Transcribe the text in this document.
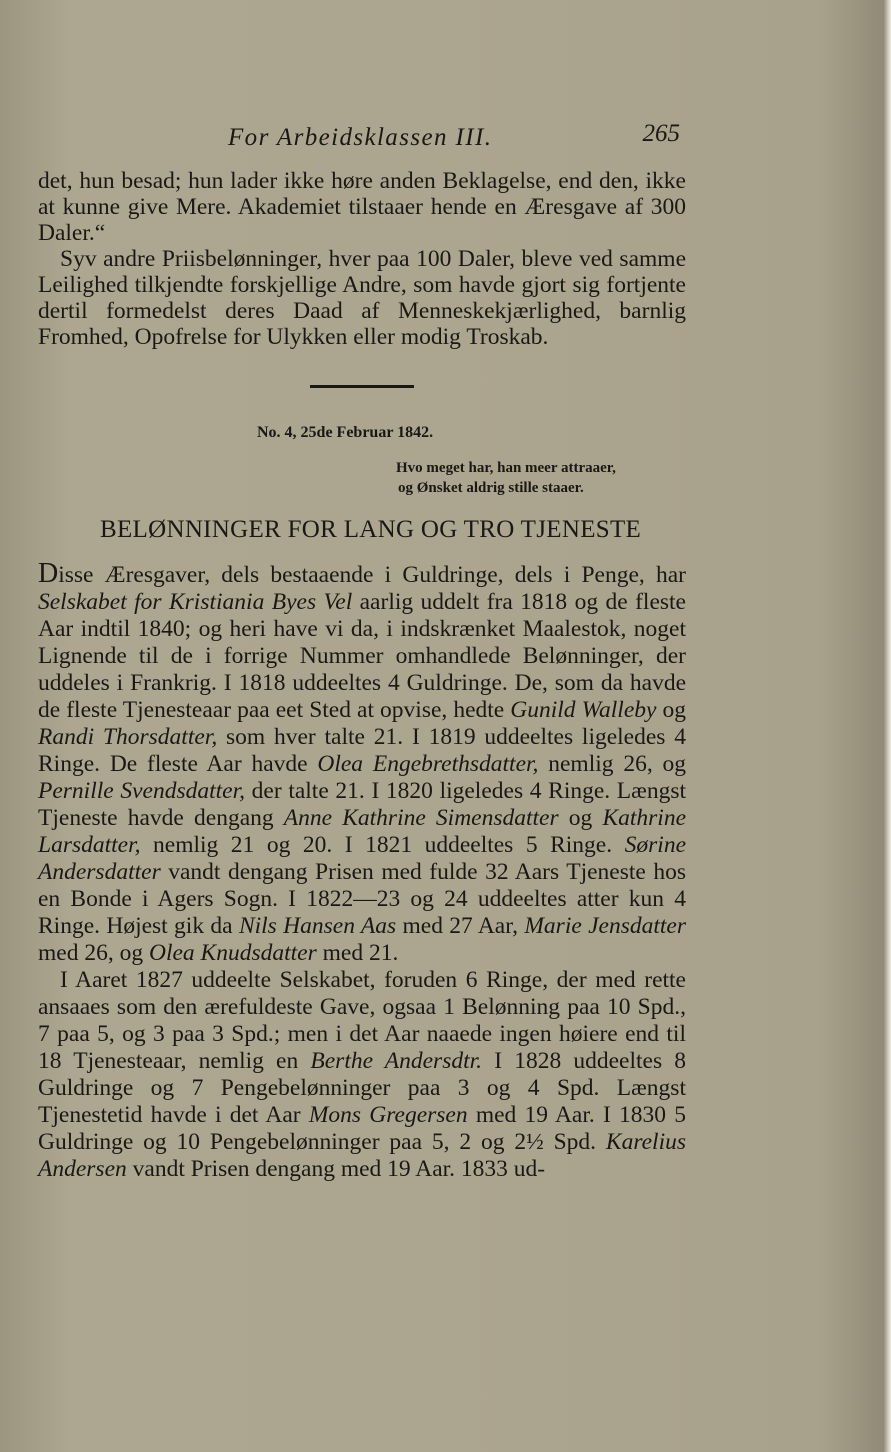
For Arbeidsklassen III.	265

det, hun besad; hun lader ikke høre anden Beklagelse, end den, ikke at kunne give Mere. Akademiet tilstaaer hende en Æresgave af 300 Daler.“

Syv andre Priisbelønninger, hver paa 100 Daler, bleve ved samme Leilighed tilkjendte forskjellige Andre, som havde gjort sig fortjente dertil formedelst deres Daad af Menneskekjærlighed, barnlig Fromhed, Opofrelse for Ulykken eller modig Troskab.

No. 4, 25de Februar 1842.
Hvo meget har, han meer attraaer,
og Ønsket aldrig stille staaer.
BELØNNINGER FOR LANG OG TRO TJENESTE

Disse Æresgaver, dels bestaaende i Guldringe, dels i Penge, har Selskabet for Kristiania Byes Vel aarlig uddelt fra 1818 og de fleste Aar indtil 1840; og heri have vi da, i indskrænket Maalestok, noget Lignende til de i forrige Nummer omhandlede Belønninger, der uddeles i Frankrig. I 1818 uddeeltes 4 Guldringe. De, som da havde de fleste Tjenesteaar paa eet Sted at opvise, hedte Gunild Walleby og Randi Thorsdatter, som hver talte 21. I 1819 uddeeltes ligeledes 4 Ringe. De fleste Aar havde Olea Engebrethsdatter, nemlig 26, og Pernille Svendsdatter, der talte 21. I 1820 ligeledes 4 Ringe. Længst Tjeneste havde dengang Anne Kathrine Simensdatter og Kathrine Larsdatter, nemlig 21 og 20. I 1821 uddeeltes 5 Ringe. Sørine Andersdatter vandt dengang Prisen med fulde 32 Aars Tjeneste hos en Bonde i Agers Sogn. I 1822—23 og 24 uddeeltes atter kun 4 Ringe. Højest gik da Nils Hansen Aas med 27 Aar, Marie Jensdatter med 26, og Olea Knudsdatter med 21.

I Aaret 1827 uddeelte Selskabet, foruden 6 Ringe, der med rette ansaaes som den ærefuldeste Gave, ogsaa 1 Belønning paa 10 Spd., 7 paa 5, og 3 paa 3 Spd.; men i det Aar naaede ingen høiere end til 18 Tjenesteaar, nemlig en Berthe Andersdtr. I 1828 uddeeltes 8 Guldringe og 7 Pengebelønninger paa 3 og 4 Spd. Længst Tjenestetid havde i det Aar Mons Gregersen med 19 Aar. I 1830 5 Guldringe og 10 Pengebelønninger paa 5, 2 og 2½ Spd. Karelius Andersen vandt Prisen dengang med 19 Aar. 1833 ud-
